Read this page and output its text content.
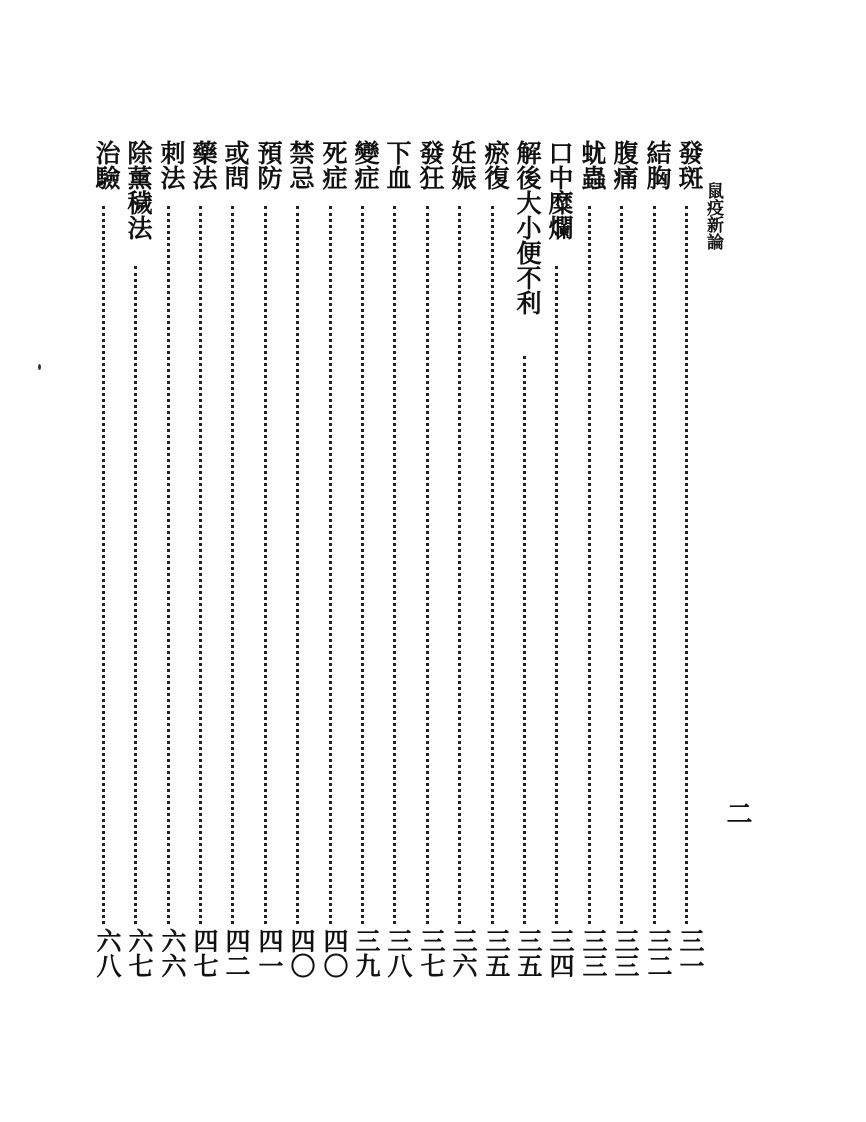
鼠疫新論
二
發斑
三一
結胸
三二
腹痛
三三
蚘蟲
三三
口中糜爛
三四
解後大小便不利
三五
瘀復
三五
妊娠
三六
發狂
三七
下血
三八
變症
三九
死症
四〇
禁忌
四〇
預防
四一
或問
四二
藥法
四七
刺法
六六
除薰穢法
六七
治驗
六八
